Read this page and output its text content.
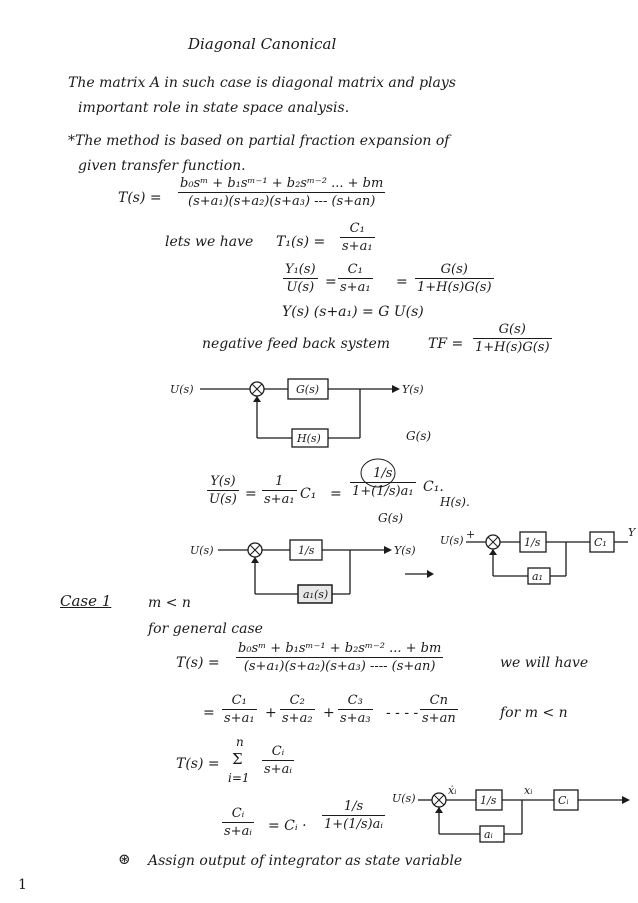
Diagonal Canonical
The matrix A in such case is diagonal matrix and plays
important role in state space analysis.
*The method is based on partial fraction expansion of
given transfer function.
T(s) =
b₀sᵐ + b₁sᵐ⁻¹ + b₂sᵐ⁻² ... + bm
(s+a₁)(s+a₂)(s+a₃) --- (s+an)
lets we have T₁(s) =
C₁
s+a₁
Y₁(s)
U(s) =
C₁
s+a₁ =
G(s)
1+H(s)G(s)
Y(s) (s+a₁) = G U(s)
negative feed back system	TF =
G(s)
1+H(s)G(s)
U(s)	G(s)	Y(s)
H(s)	G(s)
Y(s)
U(s) =
1
s+a₁ C₁ =
1/s
1+(1/s)a₁ C₁.
H(s).
G(s)
U(s)	1/s	Y(s)
a₁(s)
U(s) +
1/s	C₁
Y
a₁
Case 1	m < n
for general case
T(s) =
b₀sᵐ + b₁sᵐ⁻¹ + b₂sᵐ⁻² ... + bm
(s+a₁)(s+a₂)(s+a₃) ---- (s+an)	we will have
=
C₁
s+a₁ +
C₂
s+a₂ +
C₃
s+a₃ - - - -
Cn
s+an	for m < n
T(s) =
n
Σ
i=1
Cᵢ
s+aᵢ
Cᵢ
s+aᵢ = Cᵢ ·
1/s
1+(1/s)aᵢ
U(s)
ẋᵢ
1/s
xᵢ
Cᵢ
aᵢ
⊛ Assign output of integrator as state variable
1
